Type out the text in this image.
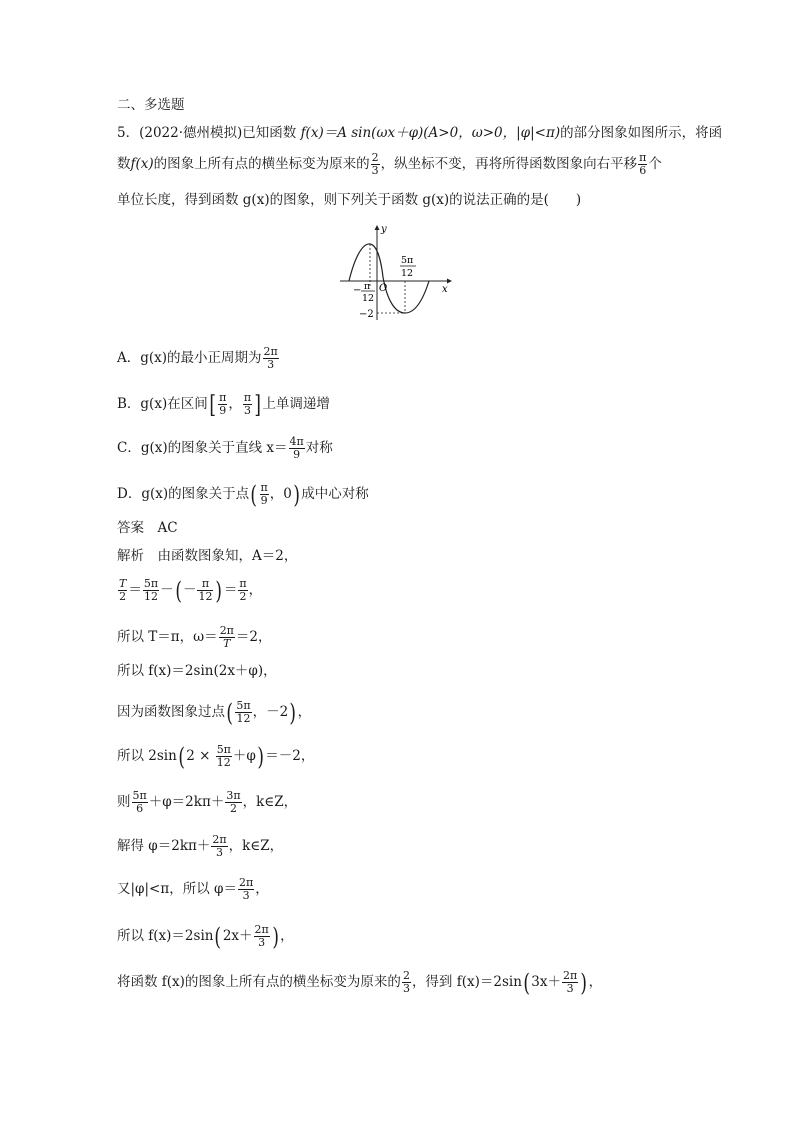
二、多选题
5．(2022·德州模拟)已知函数 f(x)＝A sin(ωx＋φ)(A>0，ω>0，|φ|<π)的部分图象如图所示，将函
数f(x)的图象上所有点的横坐标变为原来的 $\frac{2}{3}$ ，纵坐标不变，再将所得函数图象向右平移 $\frac{\pi}{6}$ 个
单位长度，得到函数 g(x)的图象，则下列关于函数 g(x)的说法正确的是(　　)
y
x
O
5π
12
− π
12
−2
A．g(x)的最小正周期为 $\frac{2\pi}{3}$
B．g(x)在区间[ $\frac{\pi}{9}$ ， $\frac{\pi}{3}$ ]上单调递增
C．g(x)的图象关于直线 $x= \frac{4\pi}{9}$ 对称
D．g(x)的图象关于点( $\frac{\pi}{9}$ ，0)成中心对称
答案　AC
解析　由函数图象知，A＝2，
$\frac{T}{2} = \frac{5\pi}{12}$ －(－ $\frac{\pi}{12}$ )＝ $\frac{\pi}{2}$ ，
所以 T＝π，$\omega= \frac{2\pi}{T} =2$，
所以 f(x)＝2sin(2x＋φ)，
因为函数图象过点( $\frac{5\pi}{12}$ ，－2)，
所以 $2\sin(2 \times \frac{5\pi}{12} +\varphi)=-2$，
则 $\frac{5\pi}{6} +\varphi=2k\pi+ \frac{3\pi}{2}$ ，k∈Z，
解得 $\varphi=2k\pi+ \frac{2\pi}{3}$ ，k∈Z，
又|φ|<π，所以 $\varphi= \frac{2\pi}{3}$ ，
所以 $f(x)=2\sin(2x+ \frac{2\pi}{3}$ )，
将函数 f(x)的图象上所有点的横坐标变为原来的 $\frac{2}{3}$ ，得到 $f(x)=2\sin(3x+ \frac{2\pi}{3}$ )，
